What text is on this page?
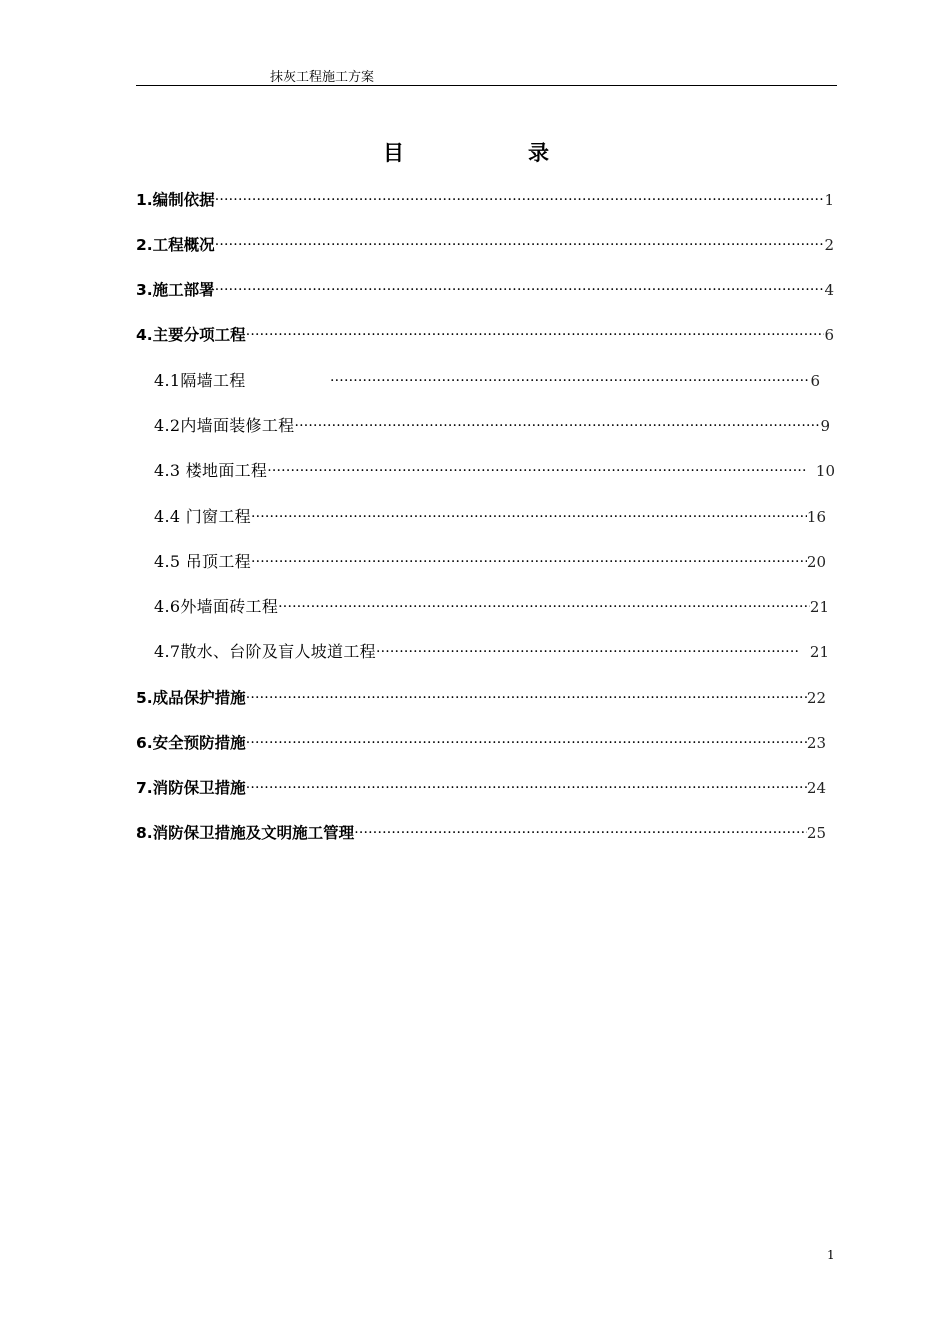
抹灰工程施工方案
目	录
1.编制依据 ·····	1
2.工程概况 ·····	2
3.施工部署 ·····	4
4.主要分项工程 ·····	6
4.1隔墙工程 ·····	6
4.2内墙面装修工程 ·····	9
4.3 楼地面工程 ·····	10
4.4 门窗工程 ·····	16
4.5 吊顶工程 ·····	20
4.6外墙面砖工程 ·····	21
4.7散水、台阶及盲人坡道工程 ·····	21
5.成品保护措施 ·····	22
6.安全预防措施 ·····	23
7.消防保卫措施 ·····	24
8.消防保卫措施及文明施工管理 ·····	25
1
